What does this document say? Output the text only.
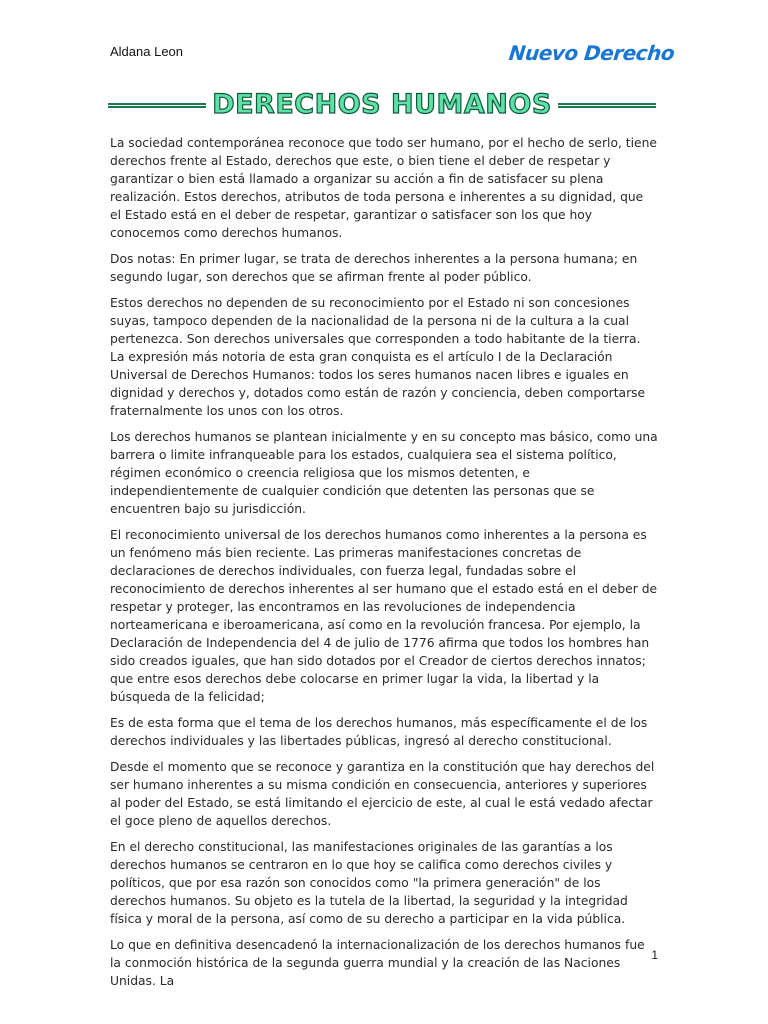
Aldana Leon	Nuevo Derecho
DERECHOS HUMANOS

La sociedad contemporánea reconoce que todo ser humano, por el hecho de serlo, tiene derechos frente al Estado, derechos que este, o bien tiene el deber de respetar y garantizar o bien está llamado a organizar su acción a fin de satisfacer su plena realización. Estos derechos, atributos de toda persona e inherentes a su dignidad, que el Estado está en el deber de respetar, garantizar o satisfacer son los que hoy conocemos como derechos humanos.

Dos notas: En primer lugar, se trata de derechos inherentes a la persona humana; en segundo lugar, son derechos que se afirman frente al poder público.

Estos derechos no dependen de su reconocimiento por el Estado ni son concesiones suyas, tampoco dependen de la nacionalidad de la persona ni de la cultura a la cual pertenezca. Son derechos universales que corresponden a todo habitante de la tierra. La expresión más notoria de esta gran conquista es el artículo I de la Declaración Universal de Derechos Humanos: todos los seres humanos nacen libres e iguales en dignidad y derechos y, dotados como están de razón y conciencia, deben comportarse fraternalmente los unos con los otros.

Los derechos humanos se plantean inicialmente y en su concepto mas básico, como una barrera o limite infranqueable para los estados, cualquiera sea el sistema político, régimen económico o creencia religiosa que los mismos detenten, e independientemente de cualquier condición que detenten las personas que se encuentren bajo su jurisdicción.

El reconocimiento universal de los derechos humanos como inherentes a la persona es un fenómeno más bien reciente. Las primeras manifestaciones concretas de declaraciones de derechos individuales, con fuerza legal, fundadas sobre el reconocimiento de derechos inherentes al ser humano que el estado está en el deber de respetar y proteger, las encontramos en las revoluciones de independencia norteamericana e iberoamericana, así como en la revolución francesa. Por ejemplo, la Declaración de Independencia del 4 de julio de 1776 afirma que todos los hombres han sido creados iguales, que han sido dotados por el Creador de ciertos derechos innatos; que entre esos derechos debe colocarse en primer lugar la vida, la libertad y la búsqueda de la felicidad;

Es de esta forma que el tema de los derechos humanos, más específicamente el de los derechos individuales y las libertades públicas, ingresó al derecho constitucional.

Desde el momento que se reconoce y garantiza en la constitución que hay derechos del ser humano inherentes a su misma condición en consecuencia, anteriores y superiores al poder del Estado, se está limitando el ejercicio de este, al cual le está vedado afectar el goce pleno de aquellos derechos.

En el derecho constitucional, las manifestaciones originales de las garantías a los derechos humanos se centraron en lo que hoy se califica como derechos civiles y políticos, que por esa razón son conocidos como "la primera generación" de los derechos humanos. Su objeto es la tutela de la libertad, la seguridad y la integridad física y moral de la persona, así como de su derecho a participar en la vida pública.

Lo que en definitiva desencadenó la internacionalización de los derechos humanos fue la conmoción histórica de la segunda guerra mundial y la creación de las Naciones Unidas. La

1
